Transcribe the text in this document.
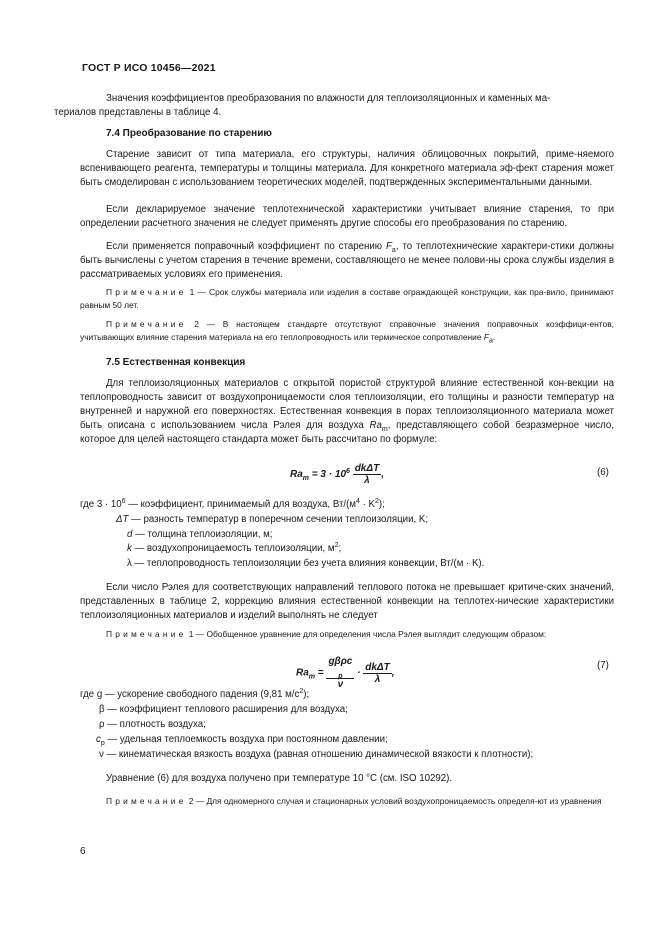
ГОСТ Р ИСО 10456—2021

Значения коэффициентов преобразования по влажности для теплоизоляционных и каменных ма-
териалов представлены в таблице 4.

7.4 Преобразование по старению

Старение зависит от типа материала, его структуры, наличия облицовочных покрытий, приме-няемого вспенивающего реагента, температуры и толщины материала. Для конкретного материала эф-фект старения может быть смоделирован с использованием теоретических моделей, подтвержденных экспериментальными данными.

Если декларируемое значение теплотехнической характеристики учитывает влияние старения, то при определении расчетного значения не следует применять другие способы его преобразования по старению.

Если применяется поправочный коэффициент по старению $F_a$, то теплотехнические характери-стики должны быть вычислены с учетом старения в течение времени, составляющего не менее полови-ны срока службы изделия в рассматриваемых условиях его применения.

Примечание 1 — Срок службы материала или изделия в составе ограждающей конструкции, как пра-вило, принимают равным 50 лет.

Примечание 2 — В настоящем стандарте отсутствуют справочные значения поправочных коэффици-ентов, учитывающих влияние старения материала на его теплопроводность или термическое сопротивление $F_a$.

7.5 Естественная конвекция

Для теплоизоляционных материалов с открытой пористой структурой влияние естественной кон-векции на теплопроводность зависит от воздухопроницаемости слоя теплоизоляции, его толщины и разности температур на внутренней и наружной его поверхностях. Естественная конвекция в порах теплоизоляционного материала может быть описана с использованием числа Рэлея для воздуха $Ra_m$, представляющего собой безразмерное число, которое для целей настоящего стандарта может быть рассчитано по формуле:

$Ra_m = 3 \cdot 10^6 \frac{\text{dkΔT}}{\lambda}$ ,	(6)
где $3 \cdot 10^6$ — коэффициент, принимаемый для воздуха, $Вт/(м^4 \cdot K^2)$;
ΔT — разность температур в поперечном сечении теплоизоляции, K;
d — толщина теплоизоляции, м;
k — воздухопроницаемость теплоизоляции, $м^2$;
λ — теплопроводность теплоизоляции без учета влияния конвекции, Вт/(м · K).

Если число Рэлея для соответствующих направлений теплового потока не превышает критиче-ских значений, представленных в таблице 2, коррекцию влияния естественной конвекции на теплотех-нические характеристики теплоизоляционных материалов и изделий выполнять не следует

Примечание 1 — Обобщенное уравнение для определения числа Рэлея выглядит следующим образом:

$Ra_m = g\beta\rho c$
$_p$
$\nu \cdot \frac{\text{dkΔT}}{\lambda}$ ,
(7)
где g — ускорение свободного падения (9,81 $м/с^2$);
β — коэффициент теплового расширения для воздуха;
ρ — плотность воздуха;
$c_p$ — удельная теплоемкость воздуха при постоянном давлении;
ν — кинематическая вязкость воздуха (равная отношению динамической вязкости к плотности);

Уравнение (6) для воздуха получено при температуре 10 °C (см. ISO 10292).

Примечание 2 — Для одномерного случая и стационарных условий воздухопроницаемость определя-ют из уравнения

6
